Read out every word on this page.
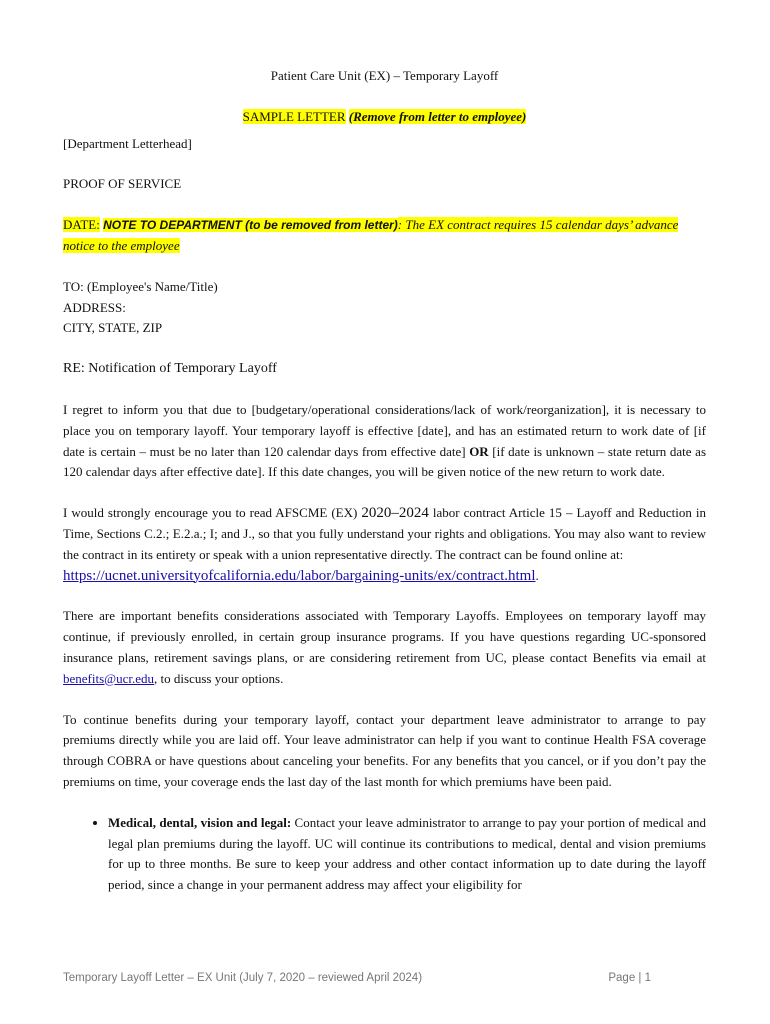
Patient Care Unit (EX) – Temporary Layoff

SAMPLE LETTER (Remove from letter to employee)

[Department Letterhead]

PROOF OF SERVICE

DATE: NOTE TO DEPARTMENT (to be removed from letter): The EX contract requires 15 calendar days’ advance notice to the employee

TO: (Employee's Name/Title)

ADDRESS:

CITY, STATE, ZIP

RE: Notification of Temporary Layoff

I regret to inform you that due to [budgetary/operational considerations/lack of work/reorganization], it is necessary to place you on temporary layoff. Your temporary layoff is effective [date], and has an estimated return to work date of [if date is certain – must be no later than 120 calendar days from effective date] OR [if date is unknown – state return date as 120 calendar days after effective date]. If this date changes, you will be given notice of the new return to work date.

I would strongly encourage you to read AFSCME (EX) 2020–2024 labor contract Article 15 – Layoff and Reduction in Time, Sections C.2.; E.2.a.; I; and J., so that you fully understand your rights and obligations. You may also want to review the contract in its entirety or speak with a union representative directly. The contract can be found online at:
https://ucnet.universityofcalifornia.edu/labor/bargaining-units/ex/contract.html.

There are important benefits considerations associated with Temporary Layoffs. Employees on temporary layoff may continue, if previously enrolled, in certain group insurance programs. If you have questions regarding UC-sponsored insurance plans, retirement savings plans, or are considering retirement from UC, please contact Benefits via email at benefits@ucr.edu, to discuss your options.

To continue benefits during your temporary layoff, contact your department leave administrator to arrange to pay premiums directly while you are laid off. Your leave administrator can help if you want to continue Health FSA coverage through COBRA or have questions about canceling your benefits. For any benefits that you cancel, or if you don’t pay the premiums on time, your coverage ends the last day of the last month for which premiums have been paid.

• Medical, dental, vision and legal: Contact your leave administrator to arrange to pay your portion of medical and legal plan premiums during the layoff. UC will continue its contributions to medical, dental and vision premiums for up to three months. Be sure to keep your address and other contact information up to date during the layoff period, since a change in your permanent address may affect your eligibility for
Temporary Layoff Letter – EX Unit (July 7, 2020 – reviewed April 2024)	Page | 1
